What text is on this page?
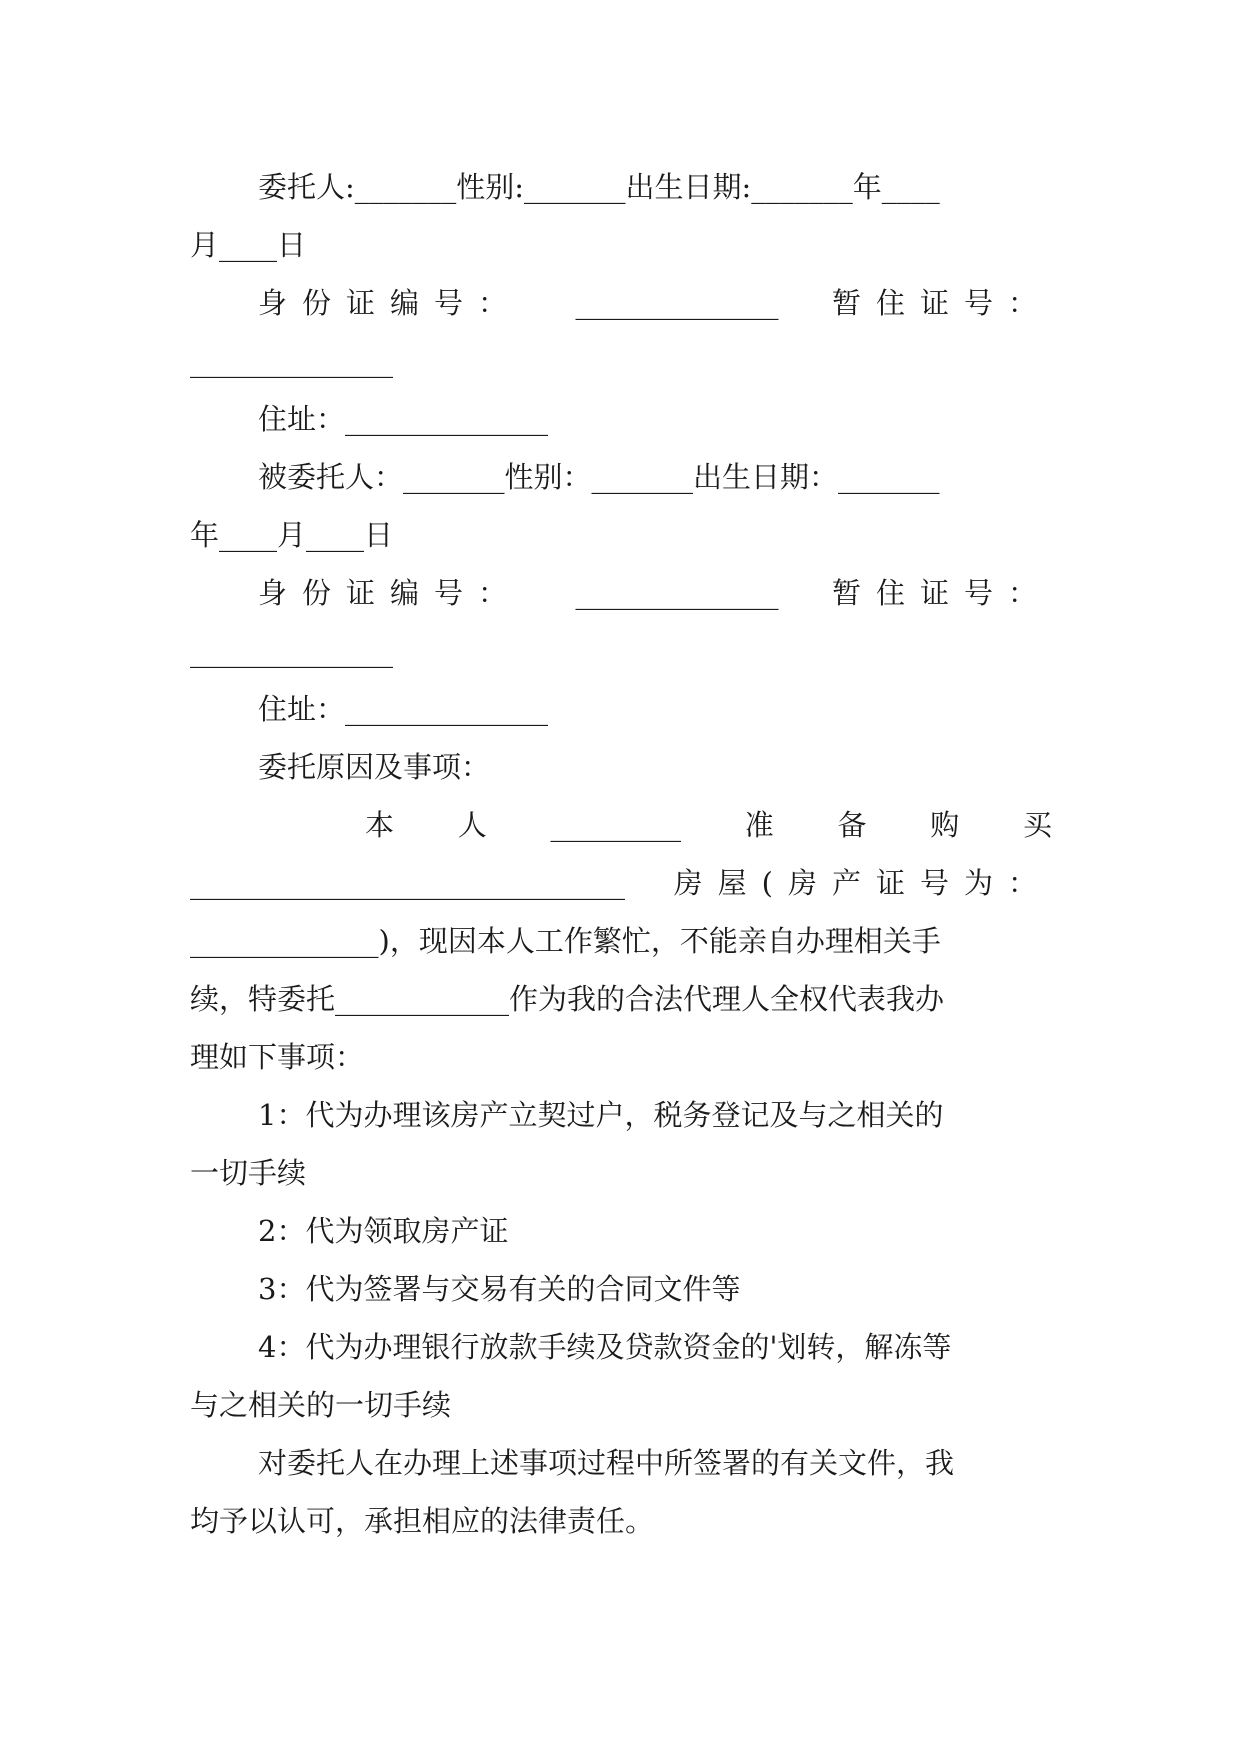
委托人:_______性别:_______出生日期:_______年____
月____日
身份证编号： ______________ 暂住证号：
______________
住址：______________
被委托人：_______性别：_______出生日期：_______
年____月____日
身份证编号： ______________ 暂住证号：
______________
住址：______________
委托原因及事项：
本 人 _________ 准 备 购 买
______________________________ 房屋(房产证号为：
_____________)，现因本人工作繁忙，不能亲自办理相关手
续，特委托____________作为我的合法代理人全权代表我办
理如下事项：
1：代为办理该房产立契过户，税务登记及与之相关的
一切手续
2：代为领取房产证
3：代为签署与交易有关的合同文件等
4：代为办理银行放款手续及贷款资金的'划转，解冻等
与之相关的一切手续
对委托人在办理上述事项过程中所签署的有关文件，我
均予以认可，承担相应的法律责任。
